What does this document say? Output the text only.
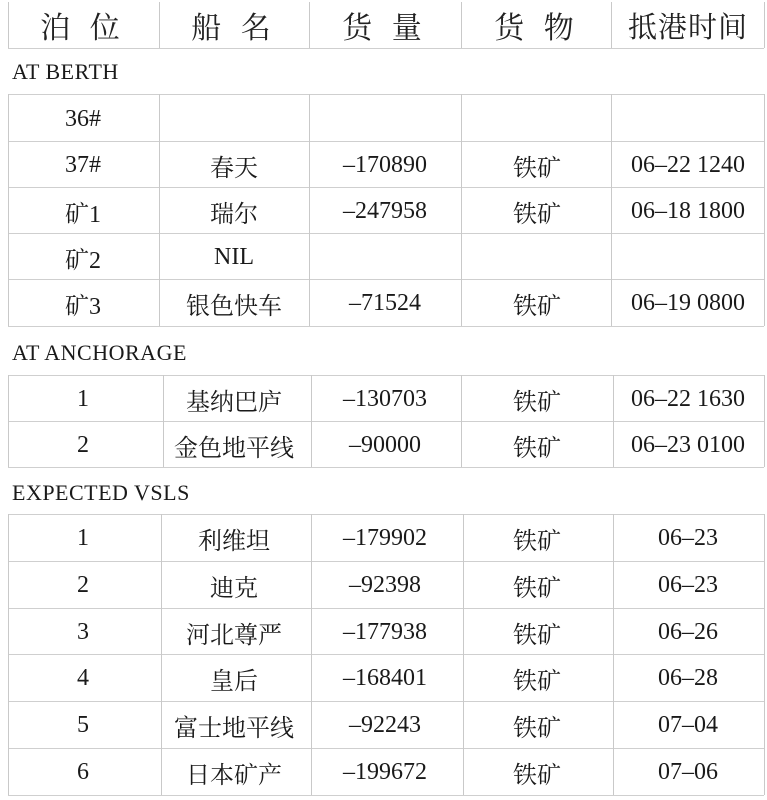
泊 位	船 名	货 量	货 物	抵港时间
AT BERTH
36#
37#	春天	–170890	铁矿	06–22 1240
矿1	瑞尔	–247958	铁矿	06–18 1800
矿2	NIL
矿3	银色快车	–71524	铁矿	06–19 0800
AT ANCHORAGE
1	基纳巴庐	–130703	铁矿	06–22 1630
2	金色地平线	–90000	铁矿	06–23 0100
EXPECTED VSLS
1	利维坦	–179902	铁矿	06–23
2	迪克	–92398	铁矿	06–23
3	河北尊严	–177938	铁矿	06–26
4	皇后	–168401	铁矿	06–28
5	富士地平线	–92243	铁矿	07–04
6	日本矿产	–199672	铁矿	07–06
